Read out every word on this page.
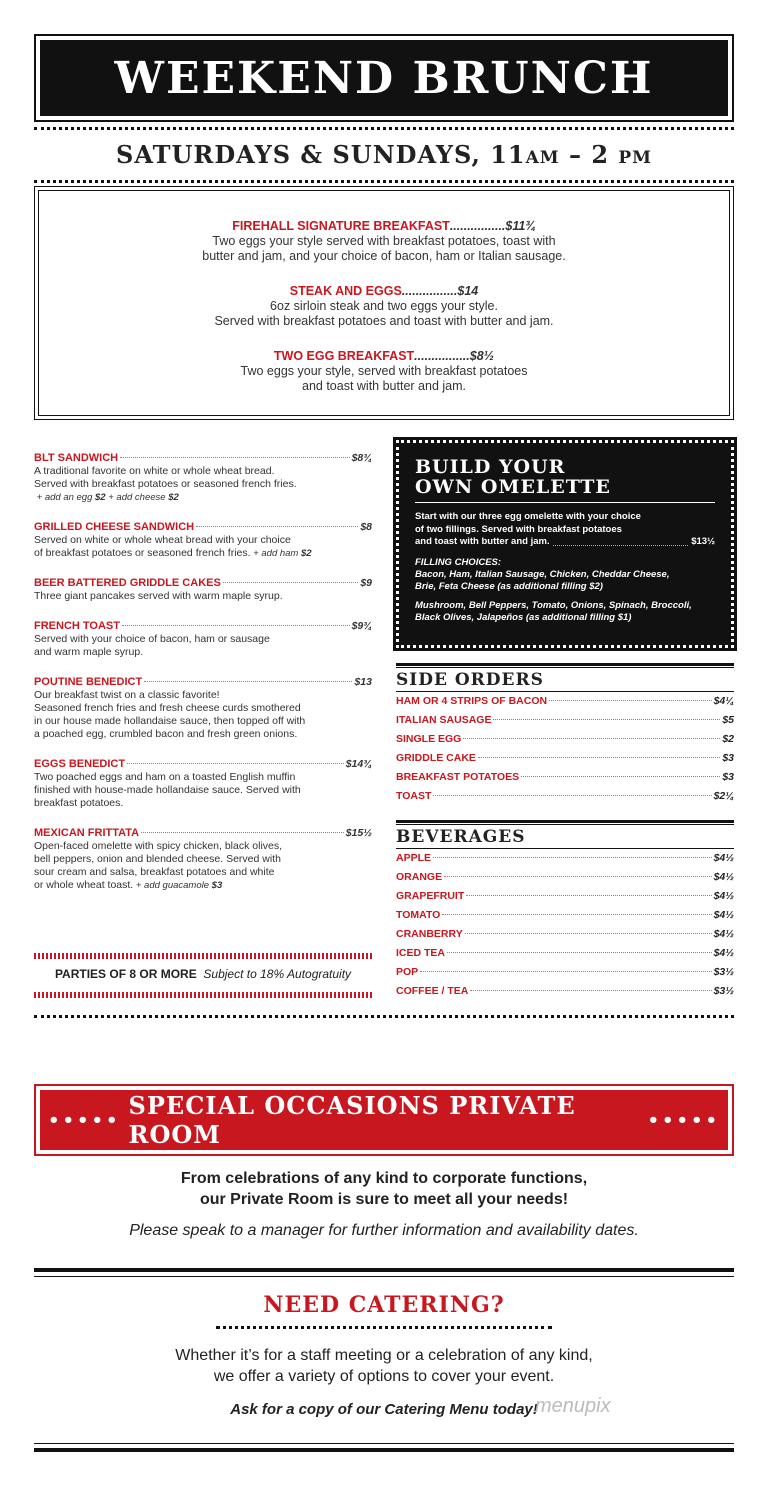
WEEKEND BRUNCH
SATURDAYS & SUNDAYS, 11AM – 2 PM
FIREHALL SIGNATURE BREAKFAST................$11¾
Two eggs your style served with breakfast potatoes, toast with
butter and jam, and your choice of bacon, ham or Italian sausage.
STEAK AND EGGS................$14
6oz sirloin steak and two eggs your style.
Served with breakfast potatoes and toast with butter and jam.
TWO EGG BREAKFAST................$8½
Two eggs your style, served with breakfast potatoes
and toast with butter and jam.
BLT SANDWICH	$8¾
A traditional favorite on white or whole wheat bread.
Served with breakfast potatoes or seasoned french fries.
+ add an egg $2 + add cheese $2
GRILLED CHEESE SANDWICH	$8
Served on white or whole wheat bread with your choice
of breakfast potatoes or seasoned french fries. + add ham $2
BEER BATTERED GRIDDLE CAKES	$9
Three giant pancakes served with warm maple syrup.
FRENCH TOAST	$9¾
Served with your choice of bacon, ham or sausage
and warm maple syrup.
POUTINE BENEDICT	$13
Our breakfast twist on a classic favorite!
Seasoned french fries and fresh cheese curds smothered
in our house made hollandaise sauce, then topped off with
a poached egg, crumbled bacon and fresh green onions.
EGGS BENEDICT	$14¾
Two poached eggs and ham on a toasted English muffin
finished with house-made hollandaise sauce. Served with
breakfast potatoes.
MEXICAN FRITTATA	$15½
Open-faced omelette with spicy chicken, black olives,
bell peppers, onion and blended cheese. Served with
sour cream and salsa, breakfast potatoes and white
or whole wheat toast. + add guacamole $3
PARTIES OF 8 OR MORE Subject to 18% Autogratuity
BUILD YOUR
OWN OMELETTE
Start with our three egg omelette with your choice
of two fillings. Served with breakfast potatoes
and toast with butter and jam.	$13½
FILLING CHOICES:
Bacon, Ham, Italian Sausage, Chicken, Cheddar Cheese,
Brie, Feta Cheese (as additional filling $2)
Mushroom, Bell Peppers, Tomato, Onions, Spinach, Broccoli,
Black Olives, Jalapeños (as additional filling $1)
SIDE ORDERS
HAM OR 4 STRIPS OF BACON	$4¼
ITALIAN SAUSAGE	$5
SINGLE EGG	$2
GRIDDLE CAKE	$3
BREAKFAST POTATOES	$3
TOAST	$2¼
BEVERAGES
APPLE	$4½
ORANGE	$4½
GRAPEFRUIT	$4½
TOMATO	$4½
CRANBERRY	$4½
ICED TEA	$4½
POP	$3½
COFFEE / TEA	$3½
••••• SPECIAL OCCASIONS PRIVATE ROOM	•••••
From celebrations of any kind to corporate functions,
our Private Room is sure to meet all your needs!
Please speak to a manager for further information and availability dates.
NEED CATERING?
Whether it’s for a staff meeting or a celebration of any kind,
we offer a variety of options to cover your event.
Ask for a copy of our Catering Menu today!
menupix
